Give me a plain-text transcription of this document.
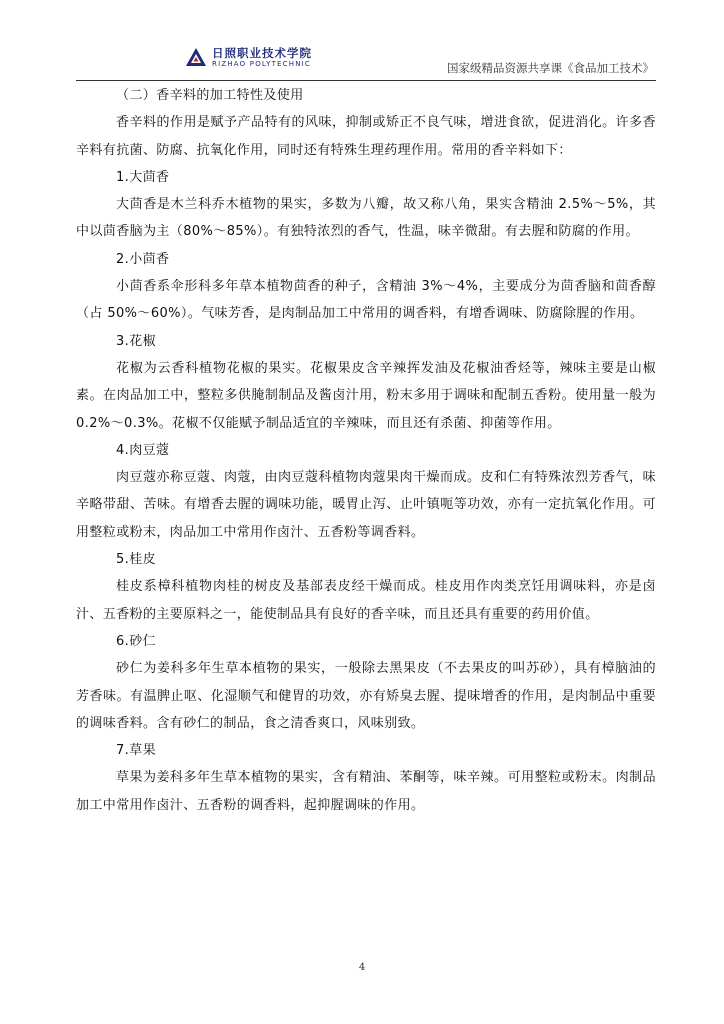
日照职业技术学院
RIZHAO POLYTECHNIC	国家级精品资源共享课《食品加工技术》

（二）香辛料的加工特性及使用

香辛料的作用是赋予产品特有的风味，抑制或矫正不良气味，增进食欲，促进消化。许多香辛料有抗菌、防腐、抗氧化作用，同时还有特殊生理药理作用。常用的香辛料如下：

1.大茴香

大茴香是木兰科乔木植物的果实，多数为八瓣，故又称八角，果实含精油 2.5%～5%，其中以茴香脑为主（80%～85%）。有独特浓烈的香气，性温，味辛微甜。有去腥和防腐的作用。

2.小茴香

小茴香系伞形科多年草本植物茴香的种子，含精油 3%～4%，主要成分为茴香脑和茴香醇（占 50%～60%）。气味芳香，是肉制品加工中常用的调香料，有增香调味、防腐除腥的作用。

3.花椒

花椒为云香科植物花椒的果实。花椒果皮含辛辣挥发油及花椒油香烃等，辣味主要是山椒素。在肉品加工中，整粒多供腌制制品及酱卤汁用，粉末多用于调味和配制五香粉。使用量一般为 0.2%～0.3%。花椒不仅能赋予制品适宜的辛辣味，而且还有杀菌、抑菌等作用。

4.肉豆蔻

肉豆蔻亦称豆蔻、肉蔻，由肉豆蔻科植物肉蔻果肉干燥而成。皮和仁有特殊浓烈芳香气，味辛略带甜、苦味。有增香去腥的调味功能，暖胃止泻、止叶镇呃等功效，亦有一定抗氧化作用。可用整粒或粉末，肉品加工中常用作卤汁、五香粉等调香料。

5.桂皮

桂皮系樟科植物肉桂的树皮及基部表皮经干燥而成。桂皮用作肉类烹饪用调味料，亦是卤汁、五香粉的主要原料之一，能使制品具有良好的香辛味，而且还具有重要的药用价值。

6.砂仁

砂仁为姜科多年生草本植物的果实，一般除去黑果皮（不去果皮的叫苏砂），具有樟脑油的芳香味。有温脾止呕、化湿顺气和健胃的功效，亦有矫臭去腥、提味增香的作用，是肉制品中重要的调味香料。含有砂仁的制品，食之清香爽口，风味别致。

7.草果

草果为姜科多年生草本植物的果实，含有精油、苯酮等，味辛辣。可用整粒或粉末。肉制品加工中常用作卤汁、五香粉的调香料，起抑腥调味的作用。

4
